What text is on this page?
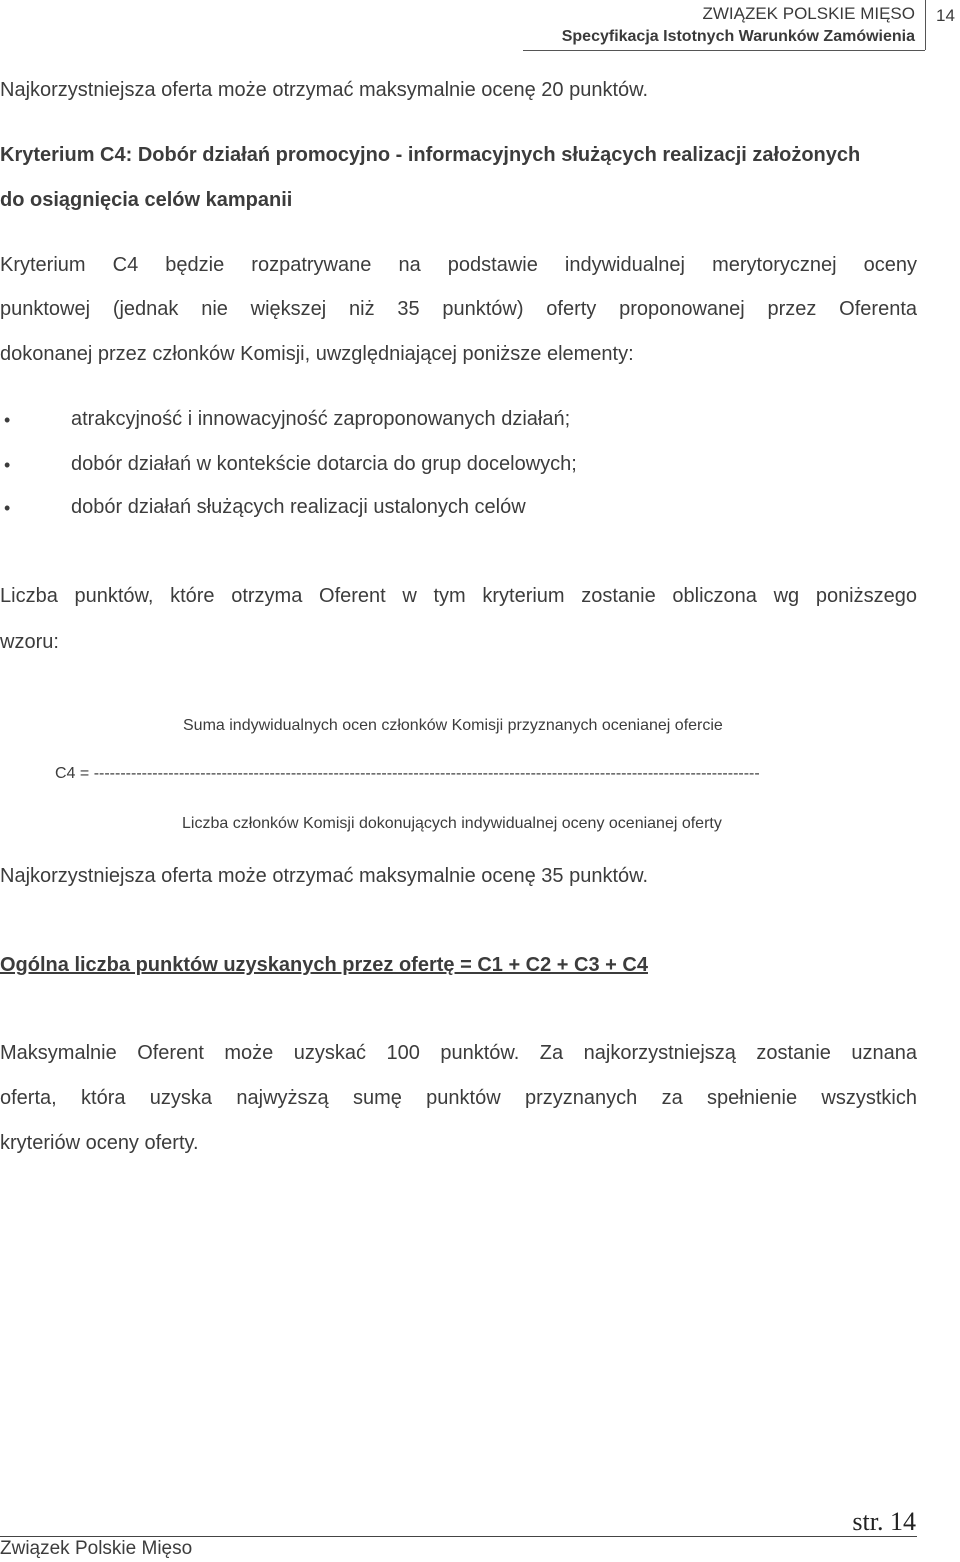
ZWIĄZEK POLSKIE MIĘSO
Specyfikacja Istotnych Warunków Zamówienia
14
Najkorzystniejsza oferta może otrzymać maksymalnie ocenę 20 punktów.
Kryterium C4: Dobór działań promocyjno - informacyjnych służących realizacji założonych
do osiągnięcia celów kampanii
Kryterium C4 będzie rozpatrywane na podstawie indywidualnej merytorycznej oceny
punktowej (jednak nie większej niż 35 punktów) oferty proponowanej przez Oferenta
dokonanej przez członków Komisji, uwzględniającej poniższe elementy:
•	atrakcyjność i innowacyjność zaproponowanych działań;
•	dobór działań w kontekście dotarcia do grup docelowych;
•	dobór działań służących realizacji ustalonych celów
Liczba punktów, które otrzyma Oferent w tym kryterium zostanie obliczona wg poniższego
wzoru:
Suma indywidualnych ocen członków Komisji przyznanych ocenianej ofercie
C4 = -----------------------------------------------------------------------------------------------------------------------------
Liczba członków Komisji dokonujących indywidualnej oceny ocenianej oferty
Najkorzystniejsza oferta może otrzymać maksymalnie ocenę 35 punktów.
Ogólna liczba punktów uzyskanych przez ofertę = C1 + C2 + C3 + C4
Maksymalnie Oferent może uzyskać 100 punktów. Za najkorzystniejszą zostanie uznana
oferta, która uzyska najwyższą sumę punktów przyznanych za spełnienie wszystkich
kryteriów oceny oferty.
str. 14
Związek Polskie Mięso
